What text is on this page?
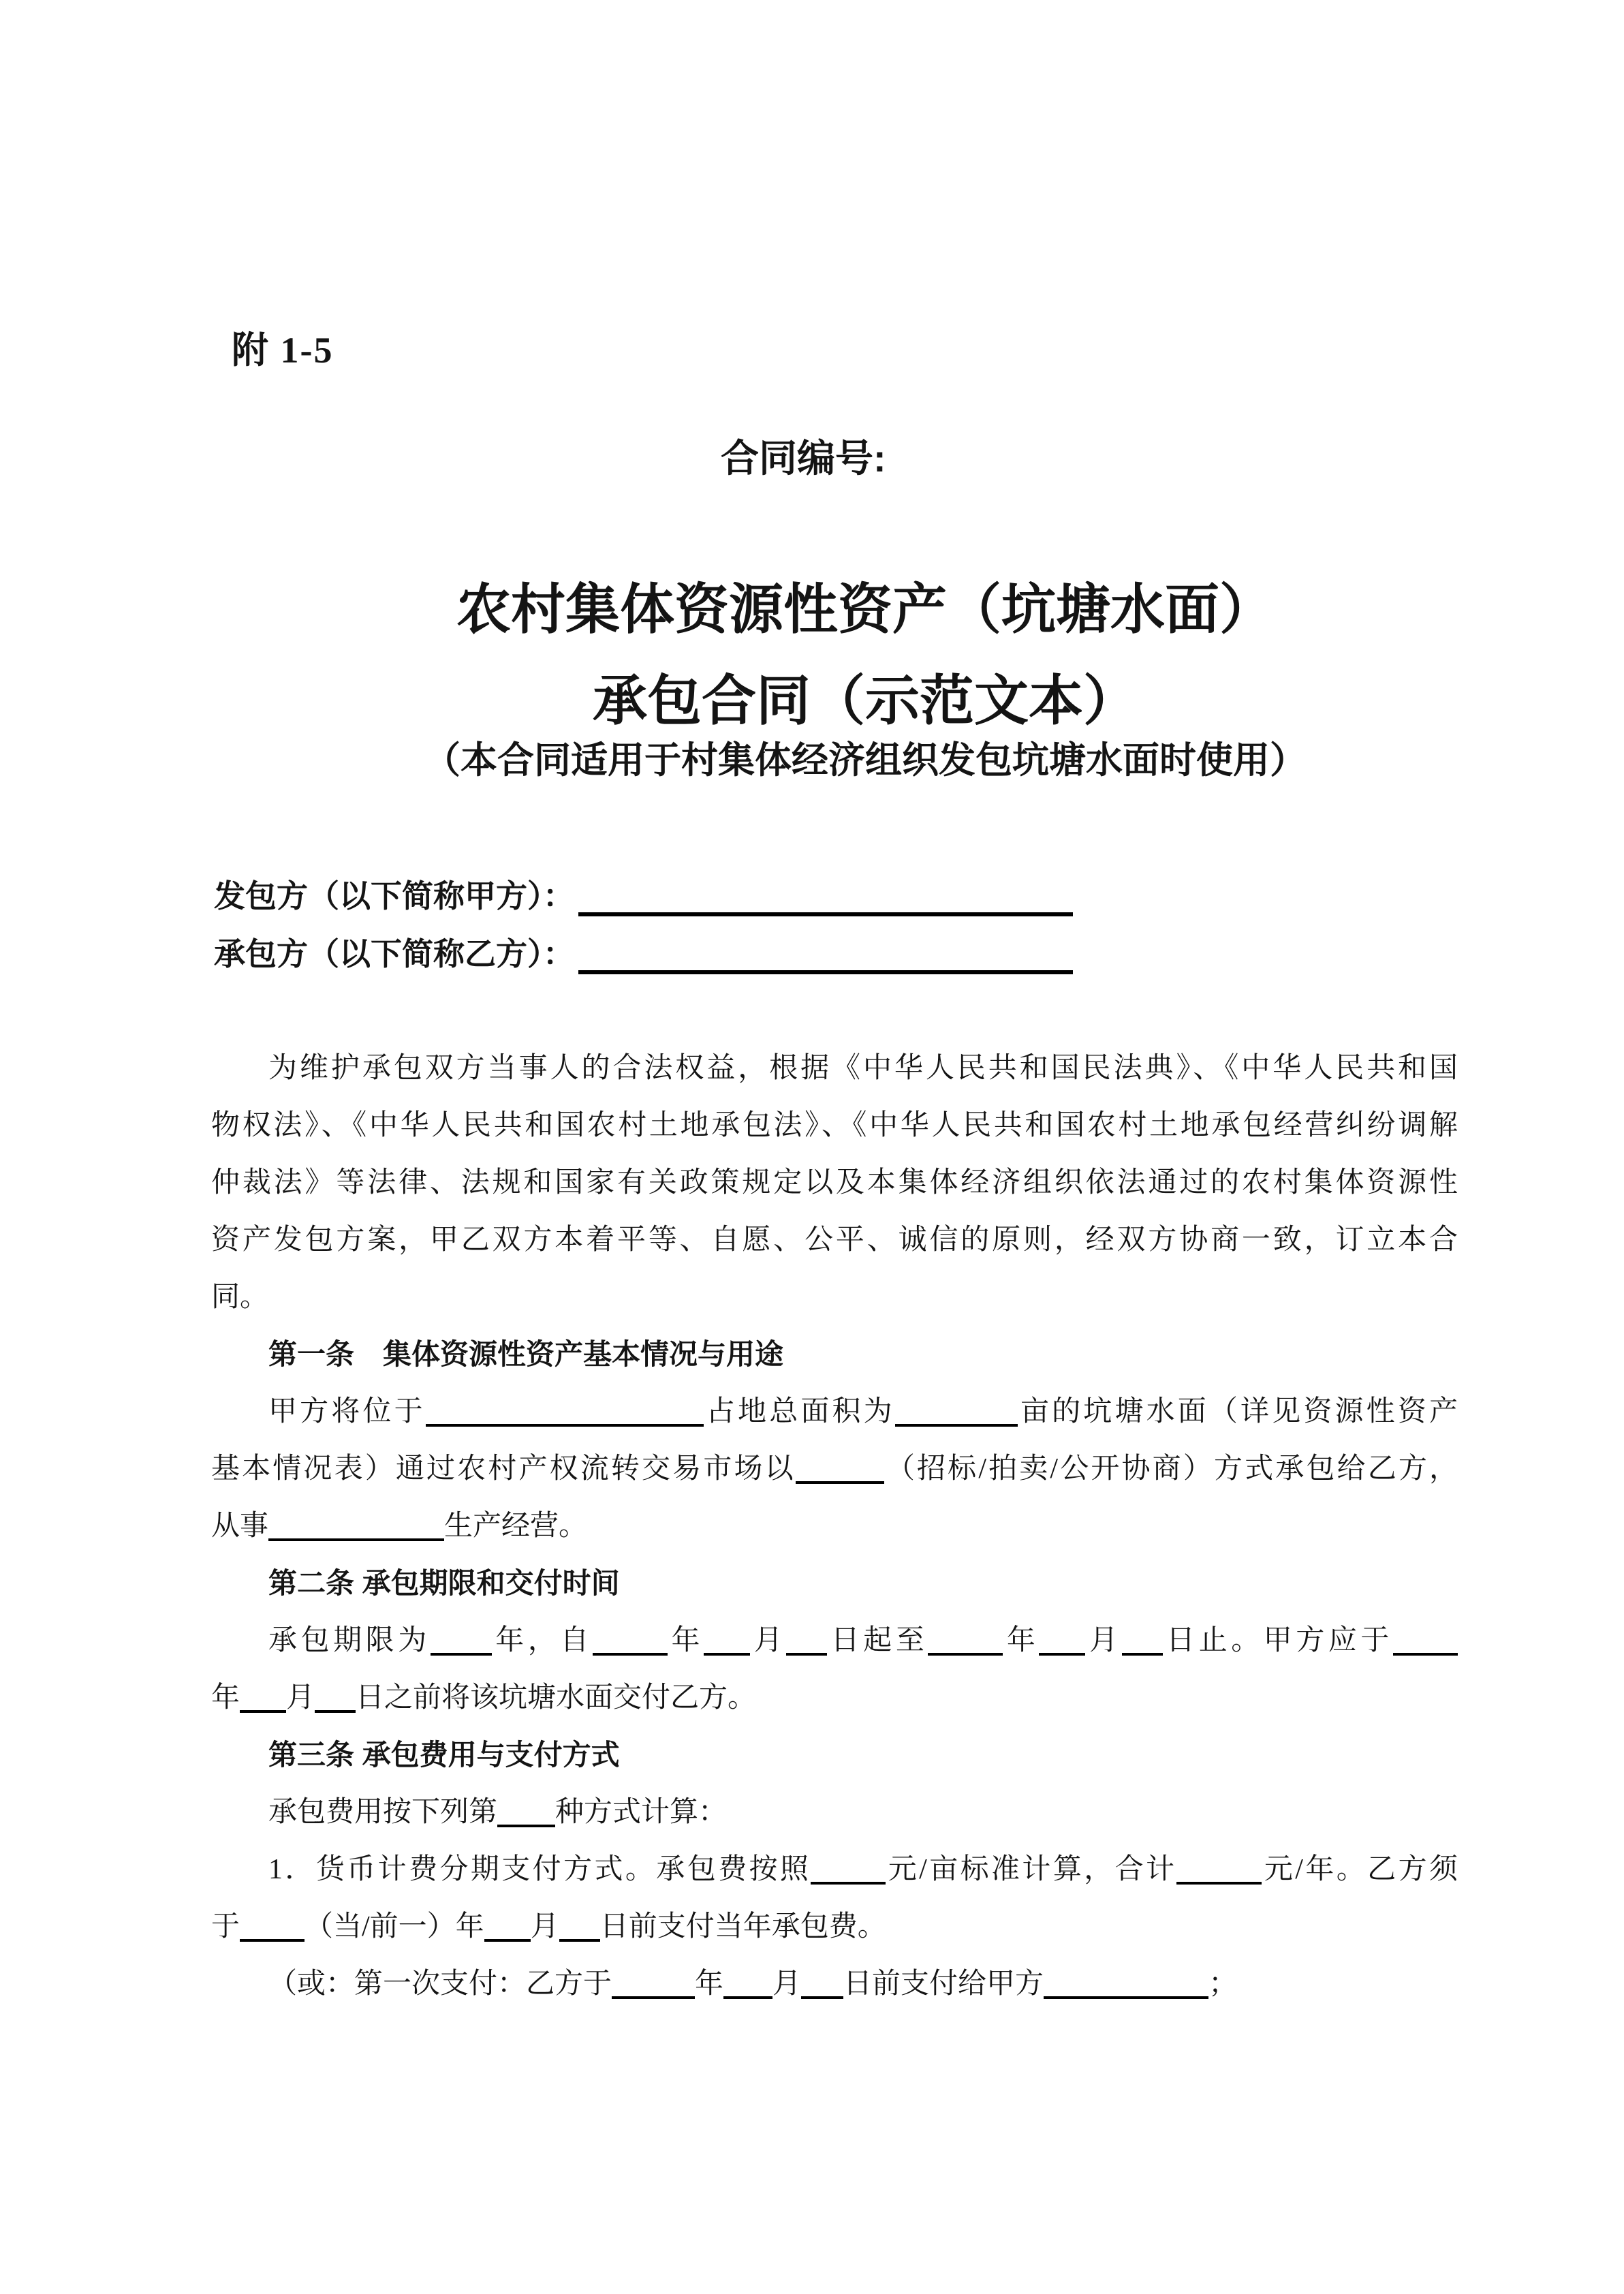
附 1-5
合同编号:
农村集体资源性资产（坑塘水面）
承包合同（示范文本）
（本合同适用于村集体经济组织发包坑塘水面时使用）
发包方（以下简称甲方）：
承包方（以下简称乙方）：
为维护承包双方当事人的合法权益，根据《中华人民共和国民法典》、《中华人民共和国
物权法》、《中华人民共和国农村土地承包法》、《中华人民共和国农村土地承包经营纠纷调解
仲裁法》等法律、法规和国家有关政策规定以及本集体经济组织依法通过的农村集体资源性
资产发包方案，甲乙双方本着平等、自愿、公平、诚信的原则，经双方协商一致，订立本合
同。
第一条　集体资源性资产基本情况与用途
甲方将位于	占地总面积为	亩的坑塘水面（详见资源性资产
基本情况表）通过农村产权流转交易市场以	（招标/拍卖/公开协商）方式承包给乙方，
从事	生产经营。
第二条 承包期限和交付时间
承包期限为 年，自	年 月 日起至	年 月 日止。甲方应于
年 月 日之前将该坑塘水面交付乙方。
第三条 承包费用与支付方式
承包费用按下列第 种方式计算：
1．货币计费分期支付方式。承包费按照	元/亩标准计算，合计	元/年。乙方须
于 （当/前一）年 月 日前支付当年承包费。
（或：第一次支付：乙方于	年 月 日前支付给甲方	；
